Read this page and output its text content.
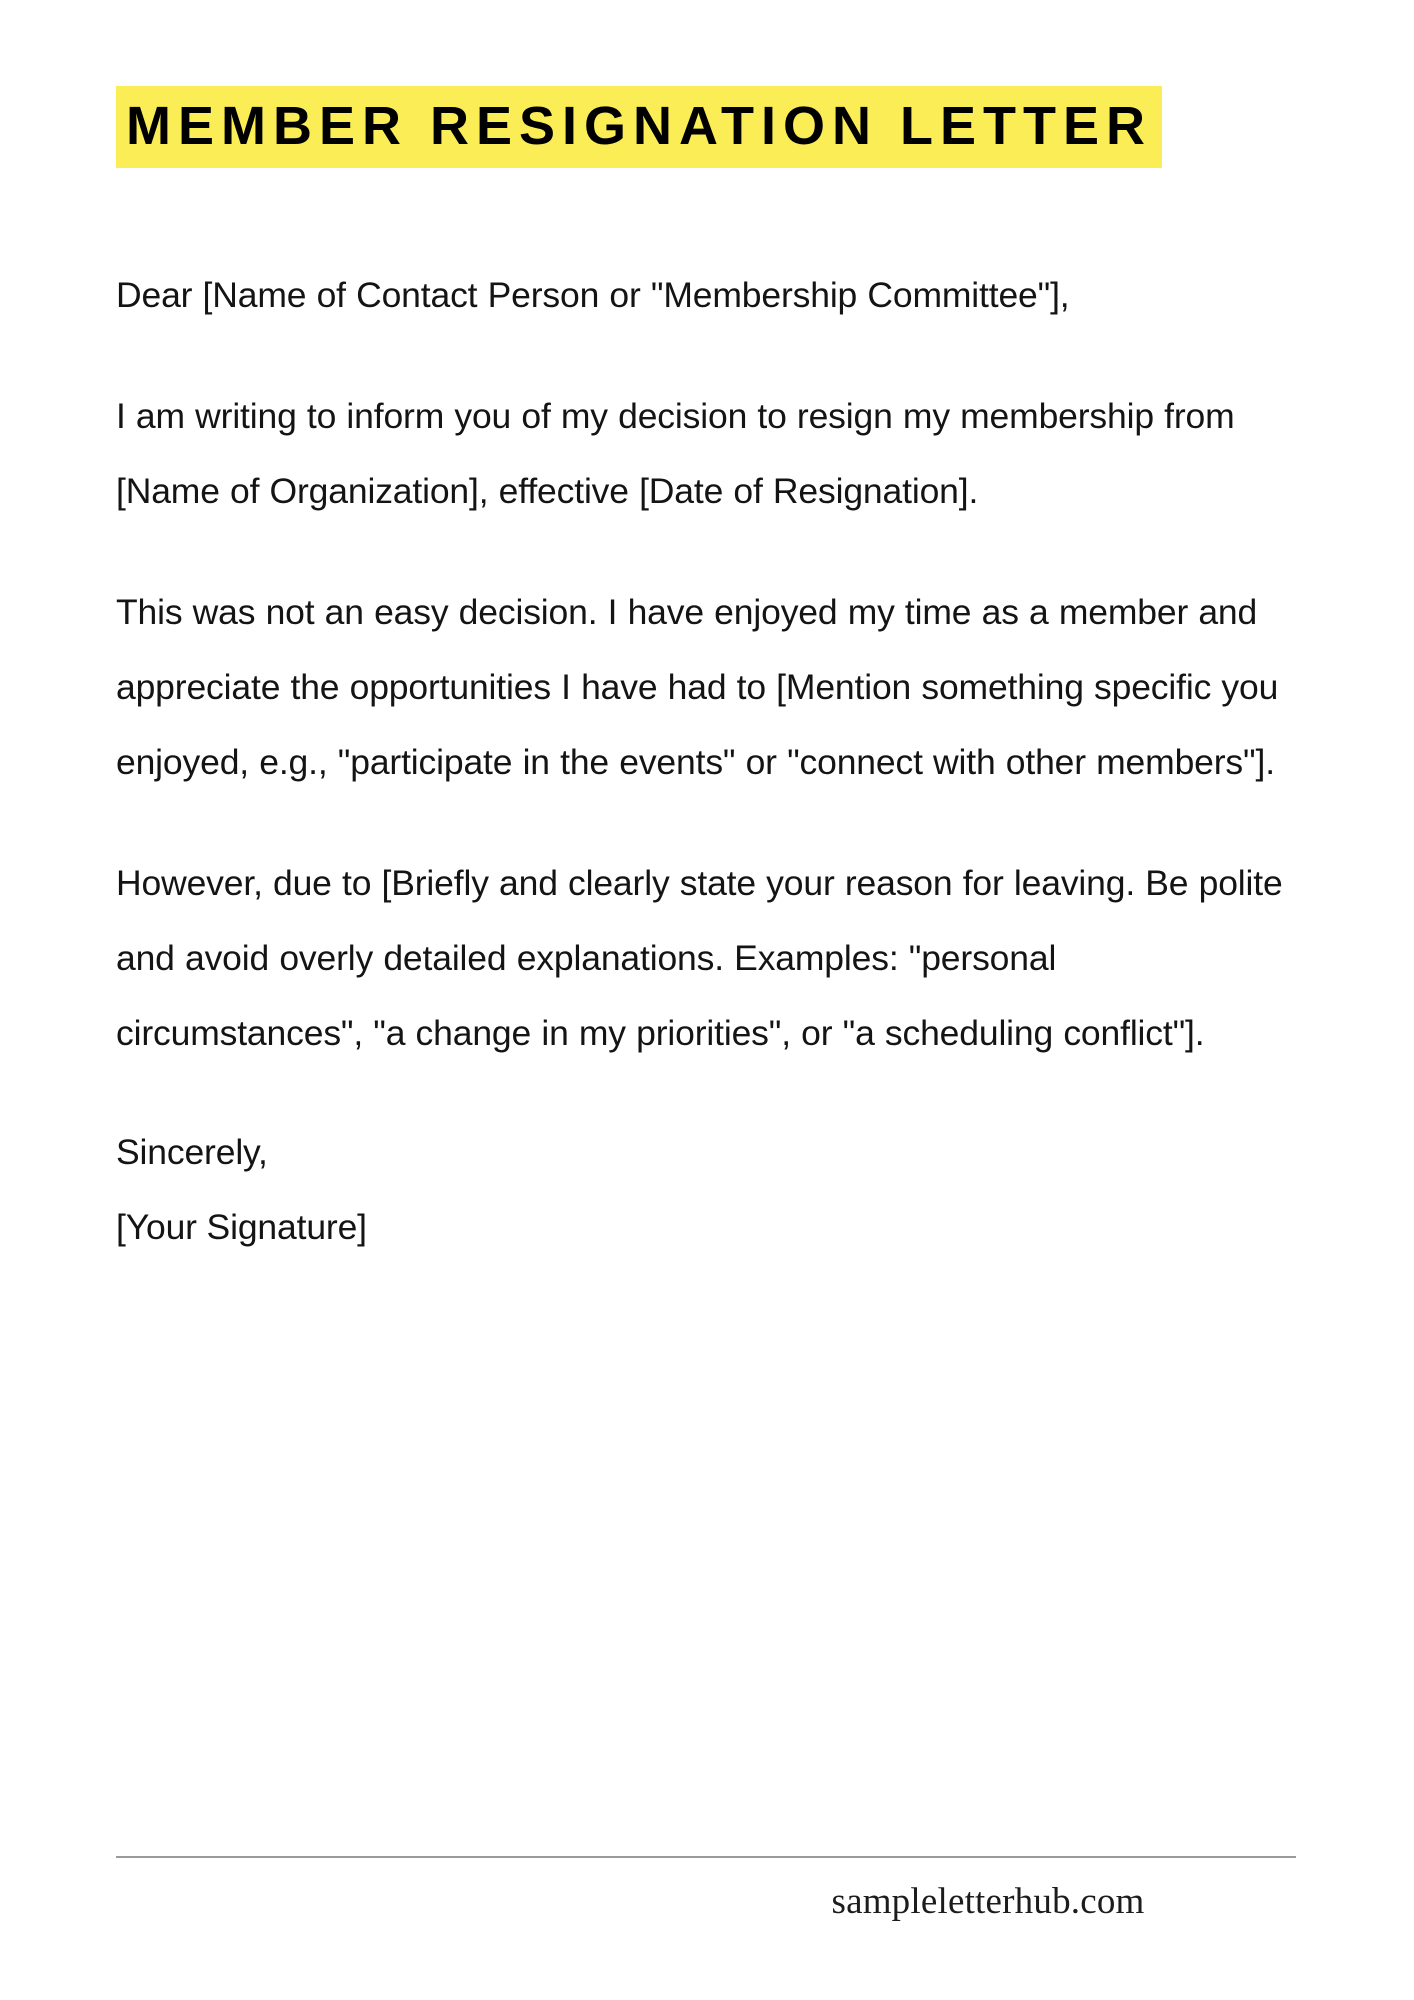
MEMBER RESIGNATION LETTER

Dear [Name of Contact Person or "Membership Committee"],

I am writing to inform you of my decision to resign my membership from [Name of Organization], effective [Date of Resignation].

This was not an easy decision. I have enjoyed my time as a member and appreciate the opportunities I have had to [Mention something specific you enjoyed, e.g., "participate in the events" or "connect with other members"].

However, due to [Briefly and clearly state your reason for leaving. Be polite and avoid overly detailed explanations. Examples: "personal circumstances", "a change in my priorities", or "a scheduling conflict"].

Sincerely,
[Your Signature]
sampleletterhub.com
